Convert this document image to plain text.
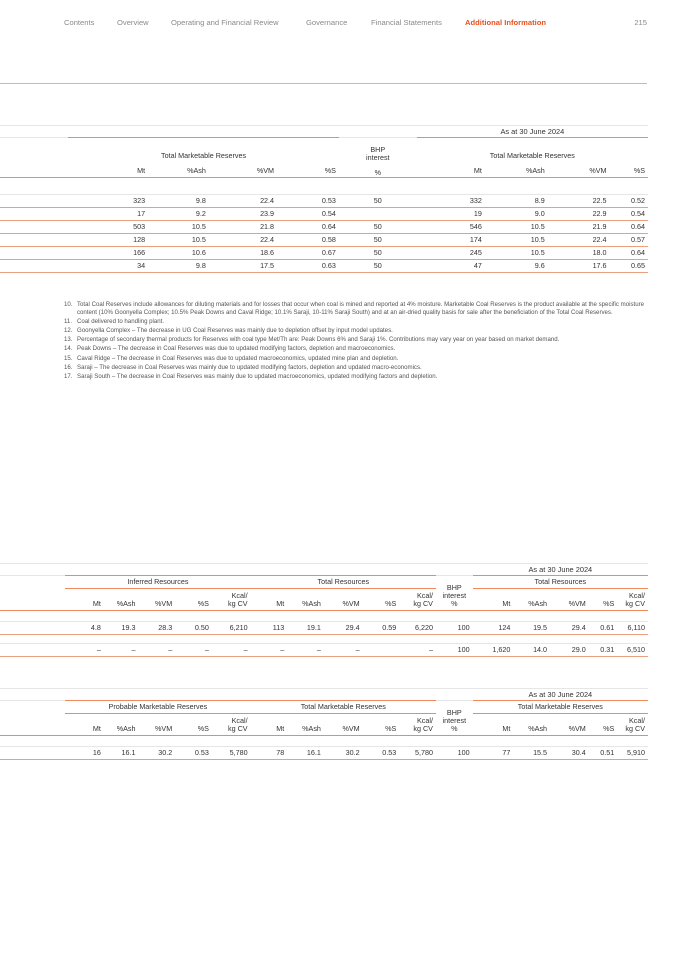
Contents	Overview	Operating and Financial Review	Governance	Financial Statements	Additional Information	215
						As at 30 June 2024			
	Total Marketable Reserves				BHP
interest	Total Marketable Reserves			
	Mt	%Ash	%VM	%S	%	Mt	%Ash	%VM	%S

	323	9.8	22.4	0.53	50	332	8.9	22.5	0.52
	17	9.2	23.9	0.54		19	9.0	22.9	0.54
	503	10.5	21.8	0.64	50	546	10.5	21.9	0.64
	128	10.5	22.4	0.58	50	174	10.5	22.4	0.57
	166	10.6	18.6	0.67	50	245	10.5	18.0	0.64
	34	9.8	17.5	0.63	50	47	9.6	17.6	0.65
10. Total Coal Reserves include allowances for diluting materials and for losses that occur when coal is mined and reported at 4% moisture. Marketable Coal Reserves is the product available at the specific moisture content (10% Goonyella Complex; 10.5% Peak Downs and Caval Ridge; 10.1% Saraji, 10-11% Saraji South) and at an air-dried quality basis for sale after the beneficiation of the Total Coal Reserves.
11. Coal delivered to handling plant.
12. Goonyella Complex – The decrease in UG Coal Reserves was mainly due to depletion offset by input model updates.
13. Percentage of secondary thermal products for Reserves with coal type Met/Th are: Peak Downs 6% and Saraji 1%. Contributions may vary year on year based on market demand.
14. Peak Downs – The decrease in Coal Reserves was due to updated modifying factors, depletion and macroeconomics.
15. Caval Ridge – The decrease in Coal Reserves was due to updated macroeconomics, updated mine plan and depletion.
16. Saraji – The decrease in Coal Reserves was mainly due to updated modifying factors, depletion and updated macro-economics.
17. Saraji South – The decrease in Coal Reserves was mainly due to updated macroeconomics, updated modifying factors and depletion.
												As at 30 June 2024				
	Inferred Resources					Total Resources					BHP
interest
%	Total Resources				
	Mt	%Ash	%VM	%S	Kcal/
kg CV	Mt	%Ash	%VM	%S	Kcal/
kg CV		Mt	%Ash	%VM	%S	Kcal/
kg CV

	4.8	19.3	28.3	0.50	6,210	113	19.1	29.4	0.59	6,220	100	124	19.5	29.4	0.61	6,110

	–	–	–	–	–	–	–	–		–	100	1,620	14.0	29.0	0.31	6,510
												As at 30 June 2024				
	Probable Marketable Reserves					Total Marketable Reserves					BHP
interest
%	Total Marketable Reserves				
	Mt	%Ash	%VM	%S	Kcal/
kg CV	Mt	%Ash	%VM	%S	Kcal/
kg CV		Mt	%Ash	%VM	%S	Kcal/
kg CV

	16	16.1	30.2	0.53	5,780	78	16.1	30.2	0.53	5,780	100	77	15.5	30.4	0.51	5,910
